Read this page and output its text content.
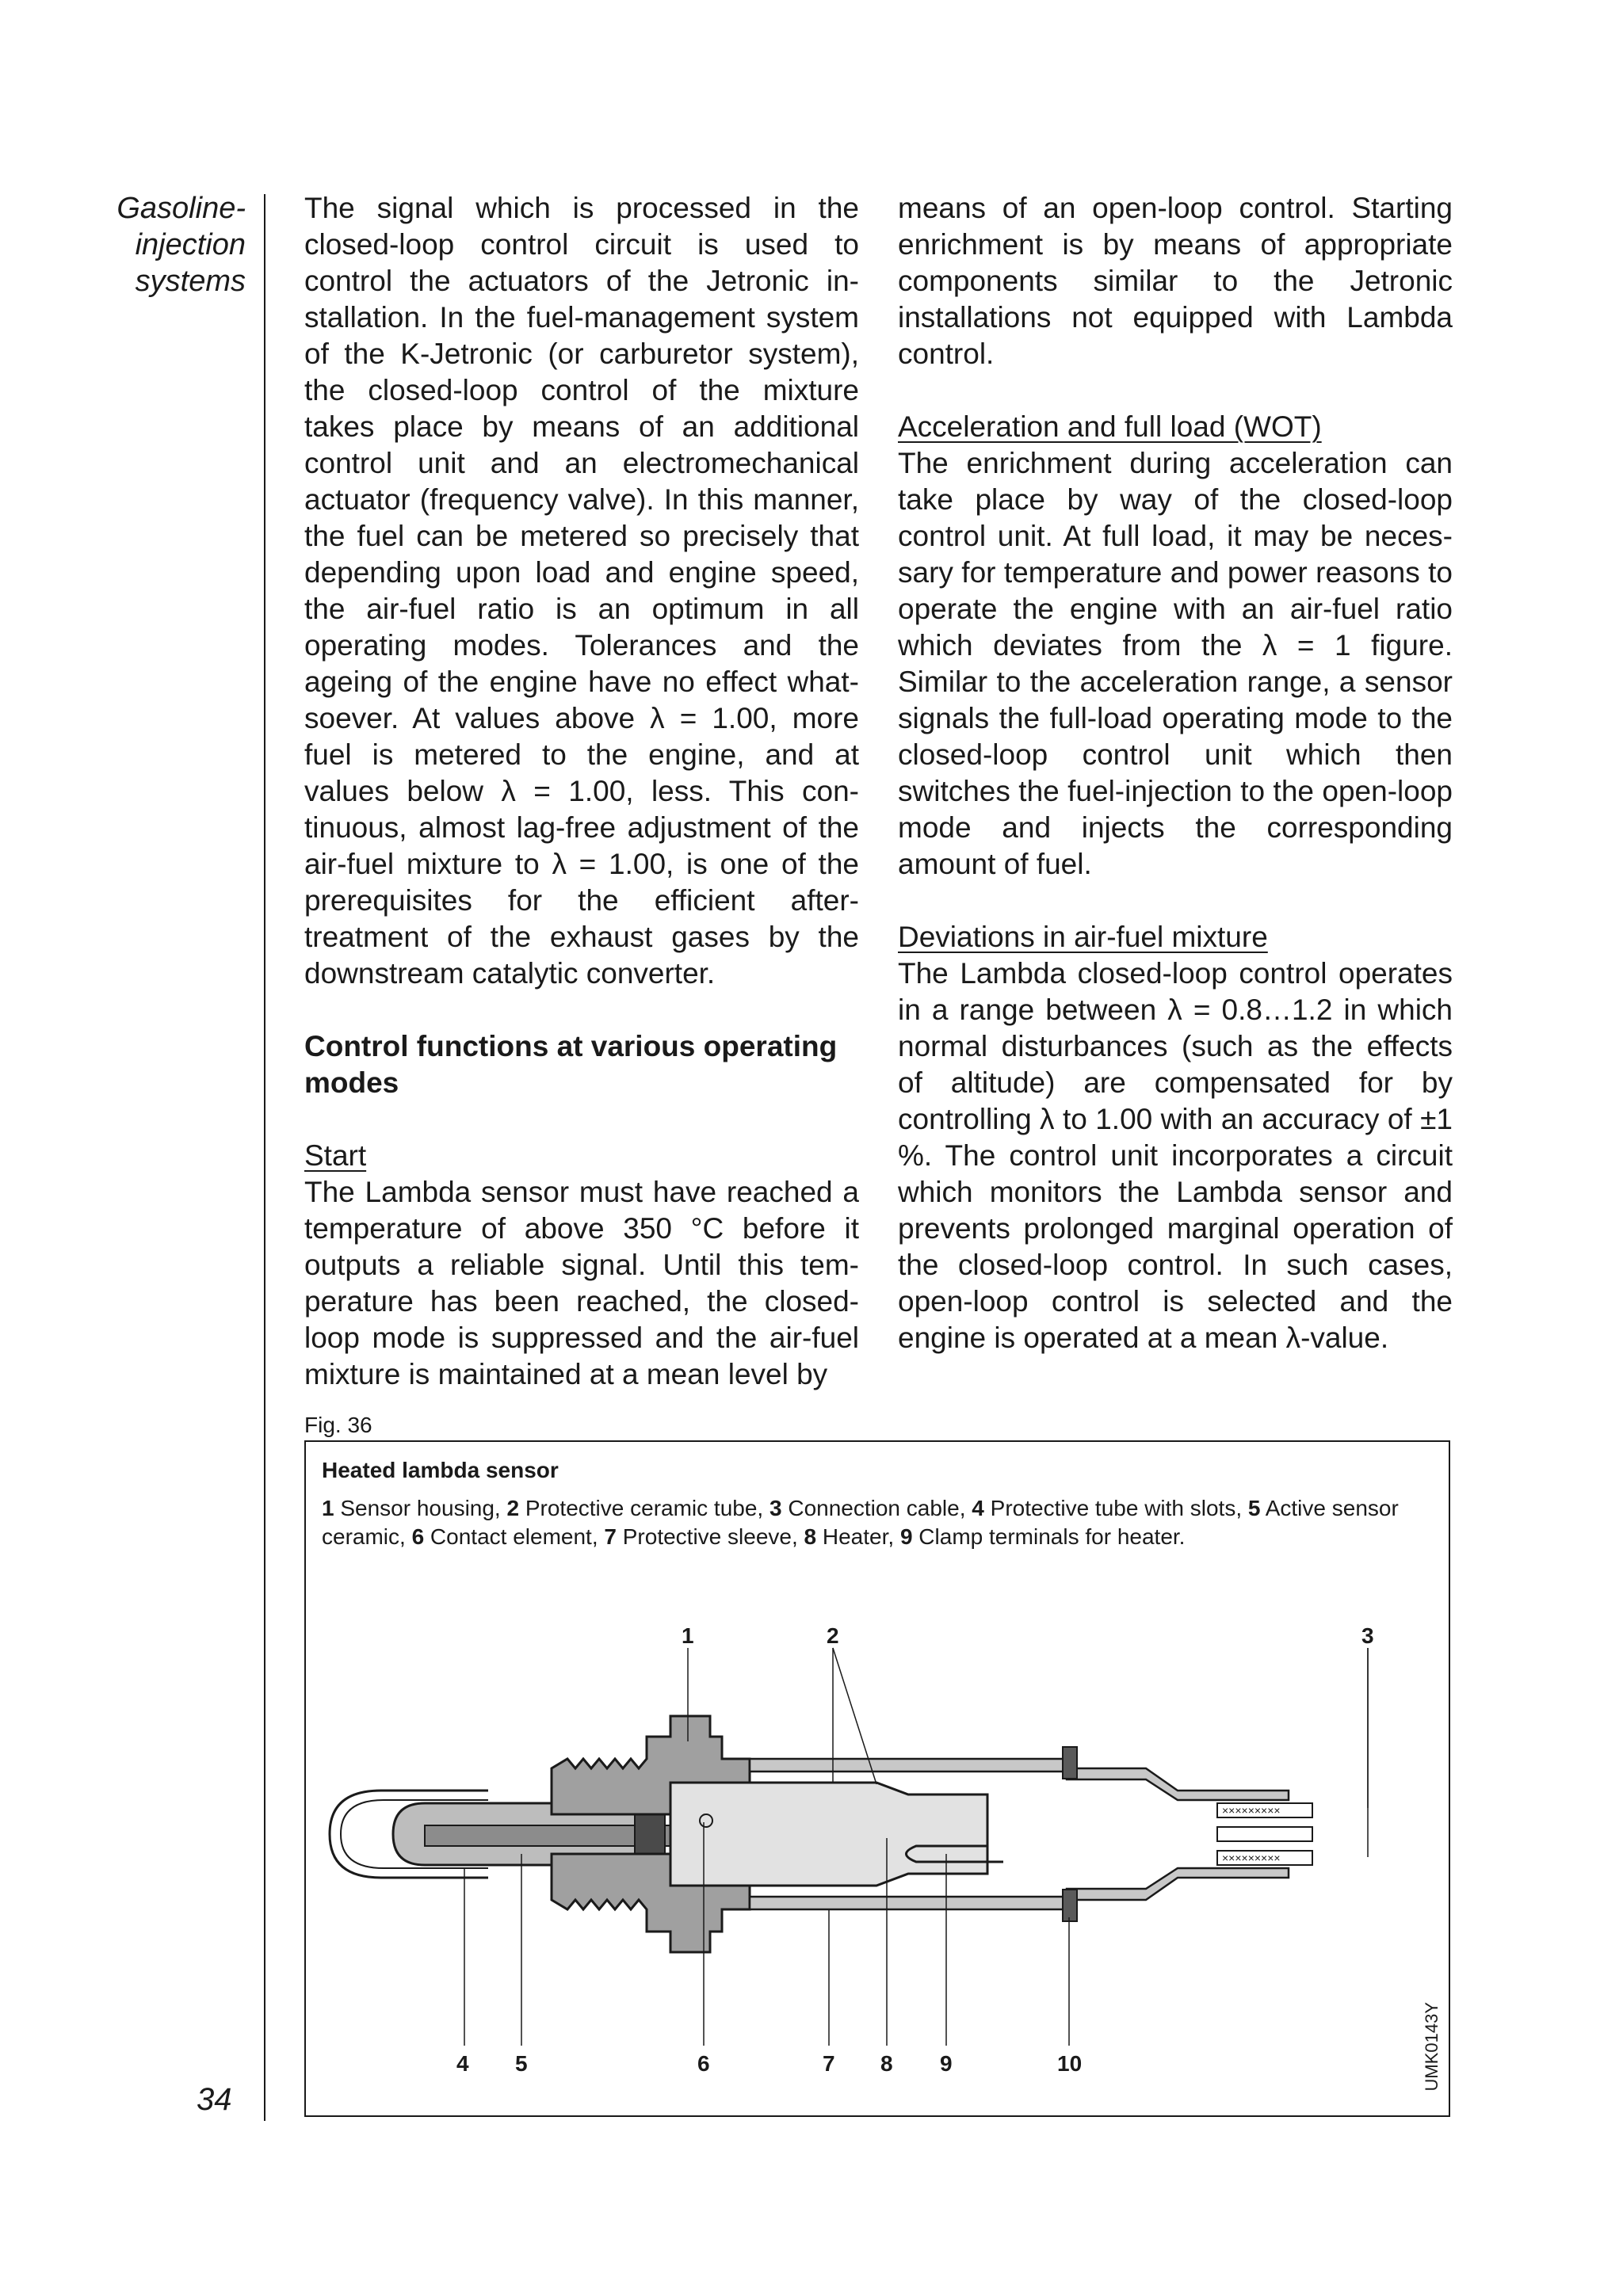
Gasoline-
injection
systems
34

The signal which is processed in the closed-loop control circuit is used to control the actuators of the Jetronic installation. In the fuel-management system of the K-Jetronic (or carburetor system), the closed-loop control of the mixture takes place by means of an additional control unit and an electromechanical actuator (frequency valve). In this manner, the fuel can be metered so precisely that depending upon load and engine speed, the air-fuel ratio is an optimum in all operating modes. Tolerances and the ageing of the engine have no effect whatsoever. At values above λ = 1.00, more fuel is metered to the engine, and at values below λ = 1.00, less. This continuous, almost lag-free adjustment of the air-fuel mixture to λ = 1.00, is one of the prerequisites for the efficient aftertreatment of the exhaust gases by the downstream catalytic converter.

Control functions at various operating modes

Start

The Lambda sensor must have reached a temperature of above 350 °C before it outputs a reliable signal. Until this temperature has been reached, the closed-loop mode is suppressed and the air-fuel mixture is maintained at a mean level by

means of an open-loop control. Starting enrichment is by means of appropriate components similar to the Jetronic installations not equipped with Lambda control.

Acceleration and full load (WOT)

The enrichment during acceleration can take place by way of the closed-loop control unit. At full load, it may be necessary for temperature and power reasons to operate the engine with an air-fuel ratio which deviates from the λ = 1 figure. Similar to the acceleration range, a sensor signals the full-load operating mode to the closed-loop control unit which then switches the fuel-injection to the open-loop mode and injects the corresponding amount of fuel.

Deviations in air-fuel mixture

The Lambda closed-loop control operates in a range between λ = 0.8…1.2 in which normal disturbances (such as the effects of altitude) are compensated for by controlling λ to 1.00 with an accuracy of ±1 %. The control unit incorporates a circuit which monitors the Lambda sensor and prevents prolonged marginal operation of the closed-loop control. In such cases, open-loop control is selected and the engine is operated at a mean λ-value.

Fig. 36
Heated lambda sensor
1 Sensor housing, 2 Protective ceramic tube, 3 Connection cable, 4 Protective tube with slots, 5 Active sensor ceramic, 6 Contact element, 7 Protective sleeve, 8 Heater, 9 Clamp terminals for heater.
×××××××××
×××××××××
1	2	3
4 5	6	7 8 9	10	UMK0143Y
